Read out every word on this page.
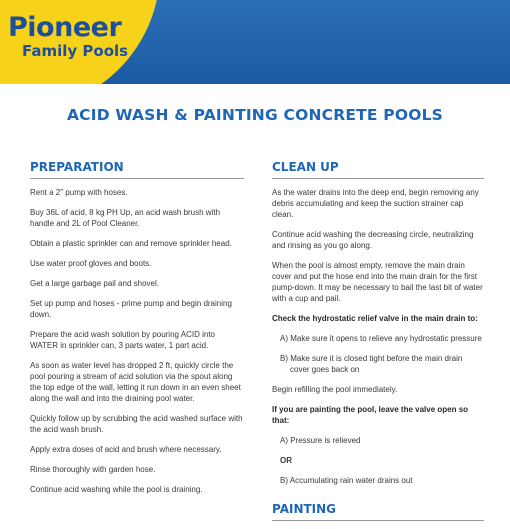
Pioneer
Family Pools
ACID WASH & PAINTING CONCRETE POOLS
PREPARATION

Rent a 2" pump with hoses.

Buy 36L of acid, 8 kg PH Up, an acid wash brush with handle and 2L of Pool Cleaner.

Obtain a plastic sprinkler can and remove sprinkler head.

Use water proof gloves and boots.

Get a large garbage pail and shovel.

Set up pump and hoses - prime pump and begin draining down.

Prepare the acid wash solution by pouring ACID into WATER in sprinkler can, 3 parts water, 1 part acid.

As soon as water level has dropped 2 ft, quickly circle the pool pouring a stream of acid solution via the spout along the top edge of the wall, letting it run down in an even sheet along the wall and into the draining pool water.

Quickly follow up by scrubbing the acid washed surface with the acid wash brush.

Apply extra doses of acid and brush where necessary.

Rinse thoroughly with garden hose.

Continue acid washing while the pool is draining.

CLEAN UP

As the water drains into the deep end, begin removing any debris accumulating and keep the suction strainer cap clean.

Continue acid washing the decreasing circle, neutralizing and rinsing as you go along.

When the pool is almost empty, remove the main drain cover and put the hose end into the main drain for the first pump-down. It may be necessary to bail the last bit of water with a cup and pail.

Check the hydrostatic relief valve in the main drain to:

A) Make sure it opens to relieve any hydrostatic pressure

B) Make sure it is closed tight before the main drain cover goes back on

Begin refilling the pool immediately.

If you are painting the pool, leave the valve open so that:

A) Pressure is relieved

OR

B) Accumulating rain water drains out

PAINTING
